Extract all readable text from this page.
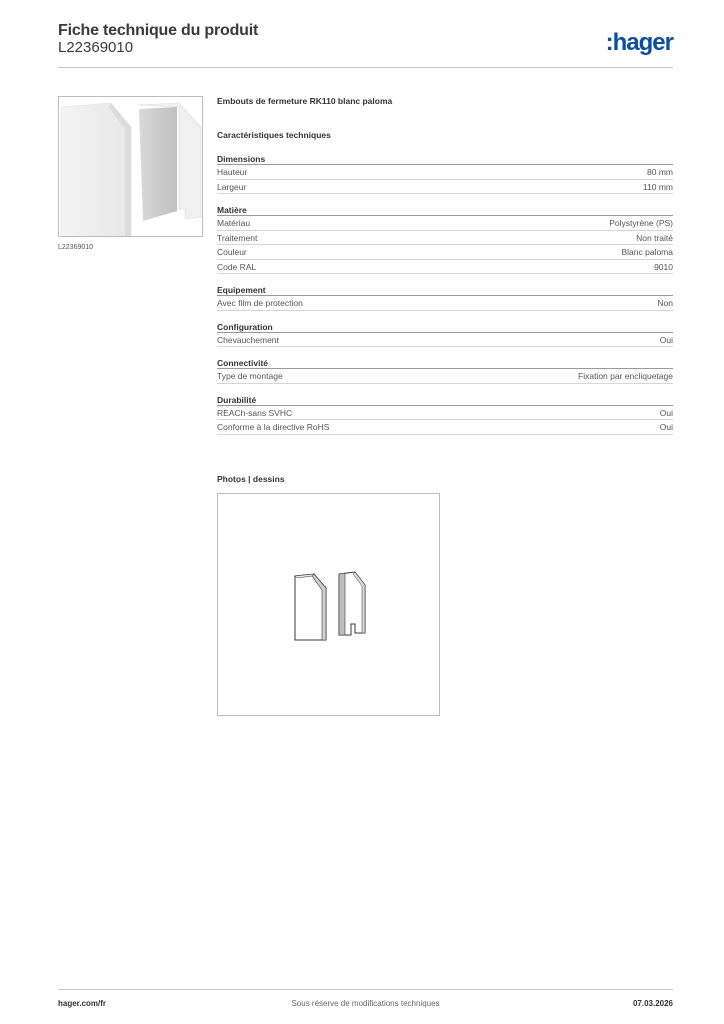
Fiche technique du produit
L22369010	:hager
L22369010
Embouts de fermeture RK110 blanc paloma
Caractéristiques techniques
Dimensions
Hauteur	80 mm
Largeur	110 mm
Matière
Matériau	Polystyrène (PS)
Traitement	Non traité
Couleur	Blanc paloma
Code RAL	9010
Equipement
Avec film de protection	Non
Configuration
Chevauchement	Oui
Connectivité
Type de montage	Fixation par encliquetage
Durabilité
REACh-sans SVHC	Oui
Conforme à la directive RoHS	Oui
Photos | dessins
hager.com/fr	Sous réserve de modifications techniques	07.03.2026
